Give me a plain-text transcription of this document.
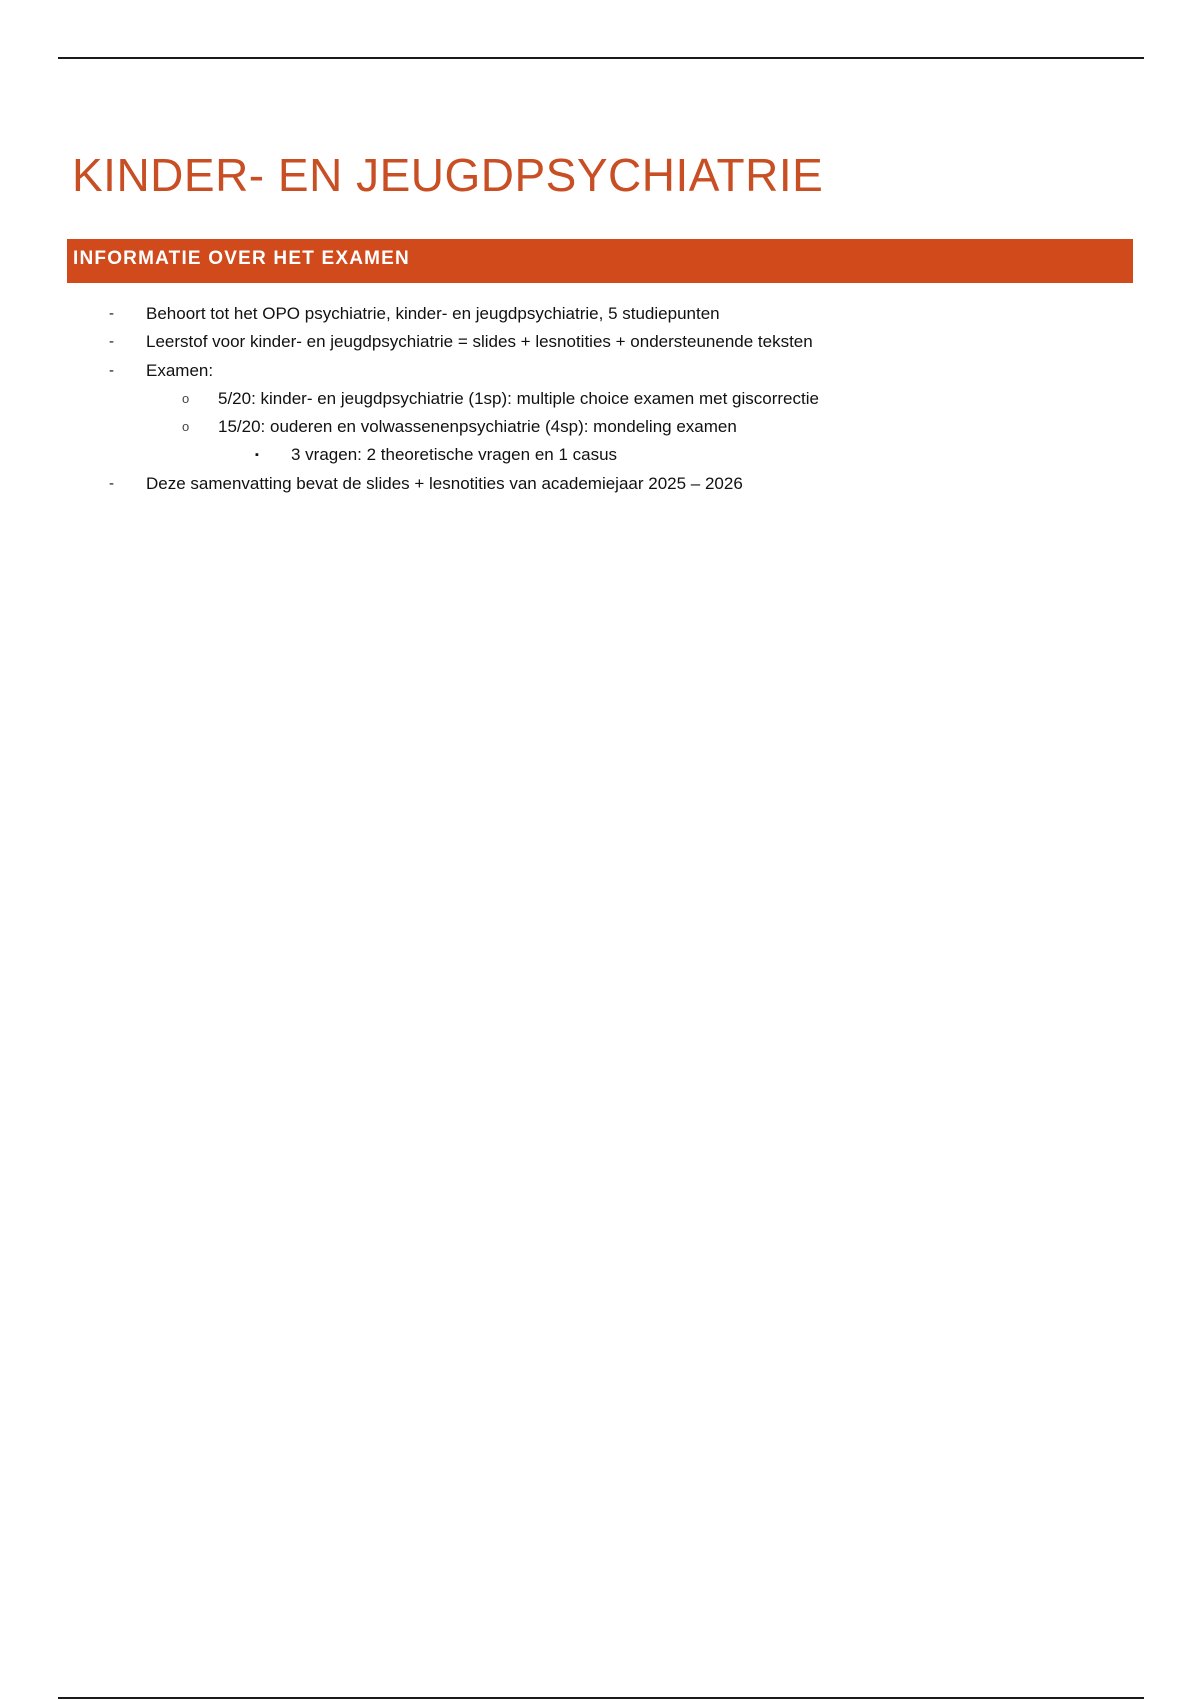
KINDER- EN JEUGDPSYCHIATRIE
INFORMATIE OVER HET EXAMEN
- Behoort tot het OPO psychiatrie, kinder- en jeugdpsychiatrie, 5 studiepunten
- Leerstof voor kinder- en jeugdpsychiatrie = slides + lesnotities + ondersteunende teksten
- Examen:
o 5/20: kinder- en jeugdpsychiatrie (1sp): multiple choice examen met giscorrectie
o 15/20: ouderen en volwassenenpsychiatrie (4sp): mondeling examen
▪ 3 vragen: 2 theoretische vragen en 1 casus
- Deze samenvatting bevat de slides + lesnotities van academiejaar 2025 – 2026
